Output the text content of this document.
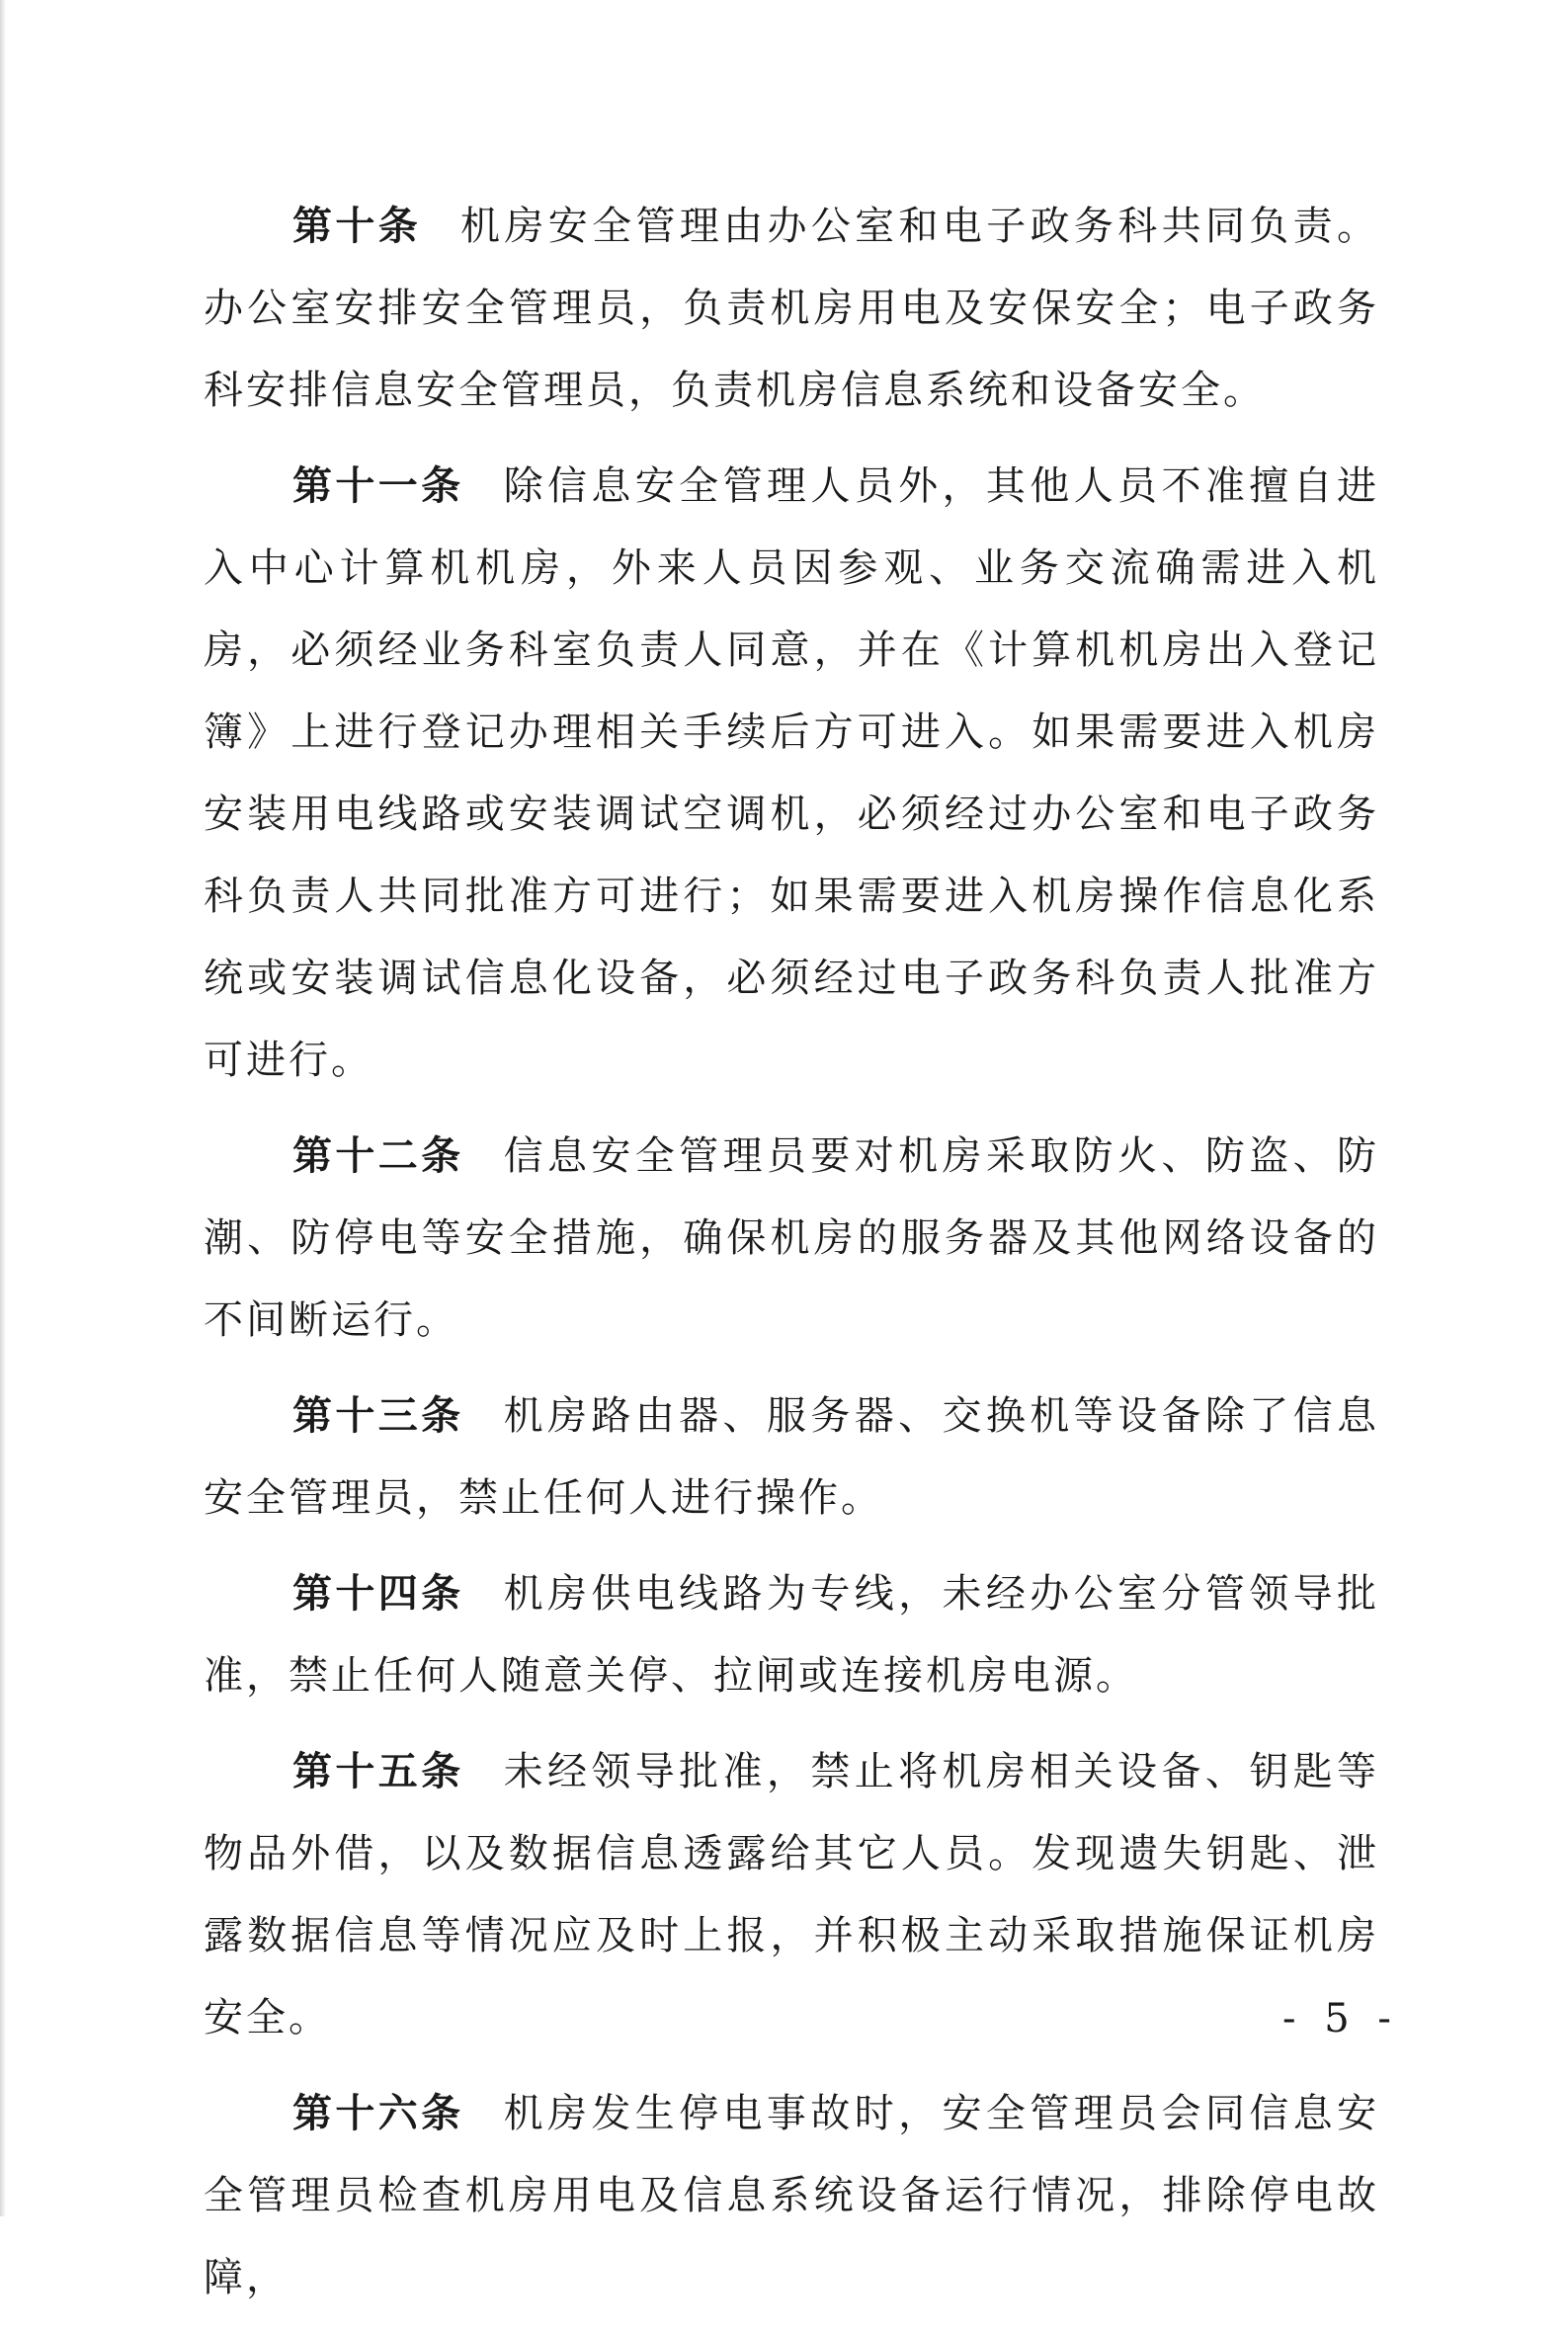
第十条 机房安全管理由办公室和电子政务科共同负责。办公室安排安全管理员，负责机房用电及安保安全；电子政务科安排信息安全管理员，负责机房信息系统和设备安全。

第十一条 除信息安全管理人员外，其他人员不准擅自进入中心计算机机房，外来人员因参观、业务交流确需进入机房，必须经业务科室负责人同意，并在《计算机机房出入登记簿》上进行登记办理相关手续后方可进入。如果需要进入机房安装用电线路或安装调试空调机，必须经过办公室和电子政务科负责人共同批准方可进行；如果需要进入机房操作信息化系统或安装调试信息化设备，必须经过电子政务科负责人批准方可进行。

第十二条 信息安全管理员要对机房采取防火、防盗、防潮、防停电等安全措施，确保机房的服务器及其他网络设备的不间断运行。

第十三条 机房路由器、服务器、交换机等设备除了信息安全管理员，禁止任何人进行操作。

第十四条 机房供电线路为专线，未经办公室分管领导批准，禁止任何人随意关停、拉闸或连接机房电源。

第十五条 未经领导批准，禁止将机房相关设备、钥匙等物品外借，以及数据信息透露给其它人员。发现遗失钥匙、泄露数据信息等情况应及时上报，并积极主动采取措施保证机房安全。

第十六条 机房发生停电事故时，安全管理员会同信息安全管理员检查机房用电及信息系统设备运行情况，排除停电故障，

- 5 -
